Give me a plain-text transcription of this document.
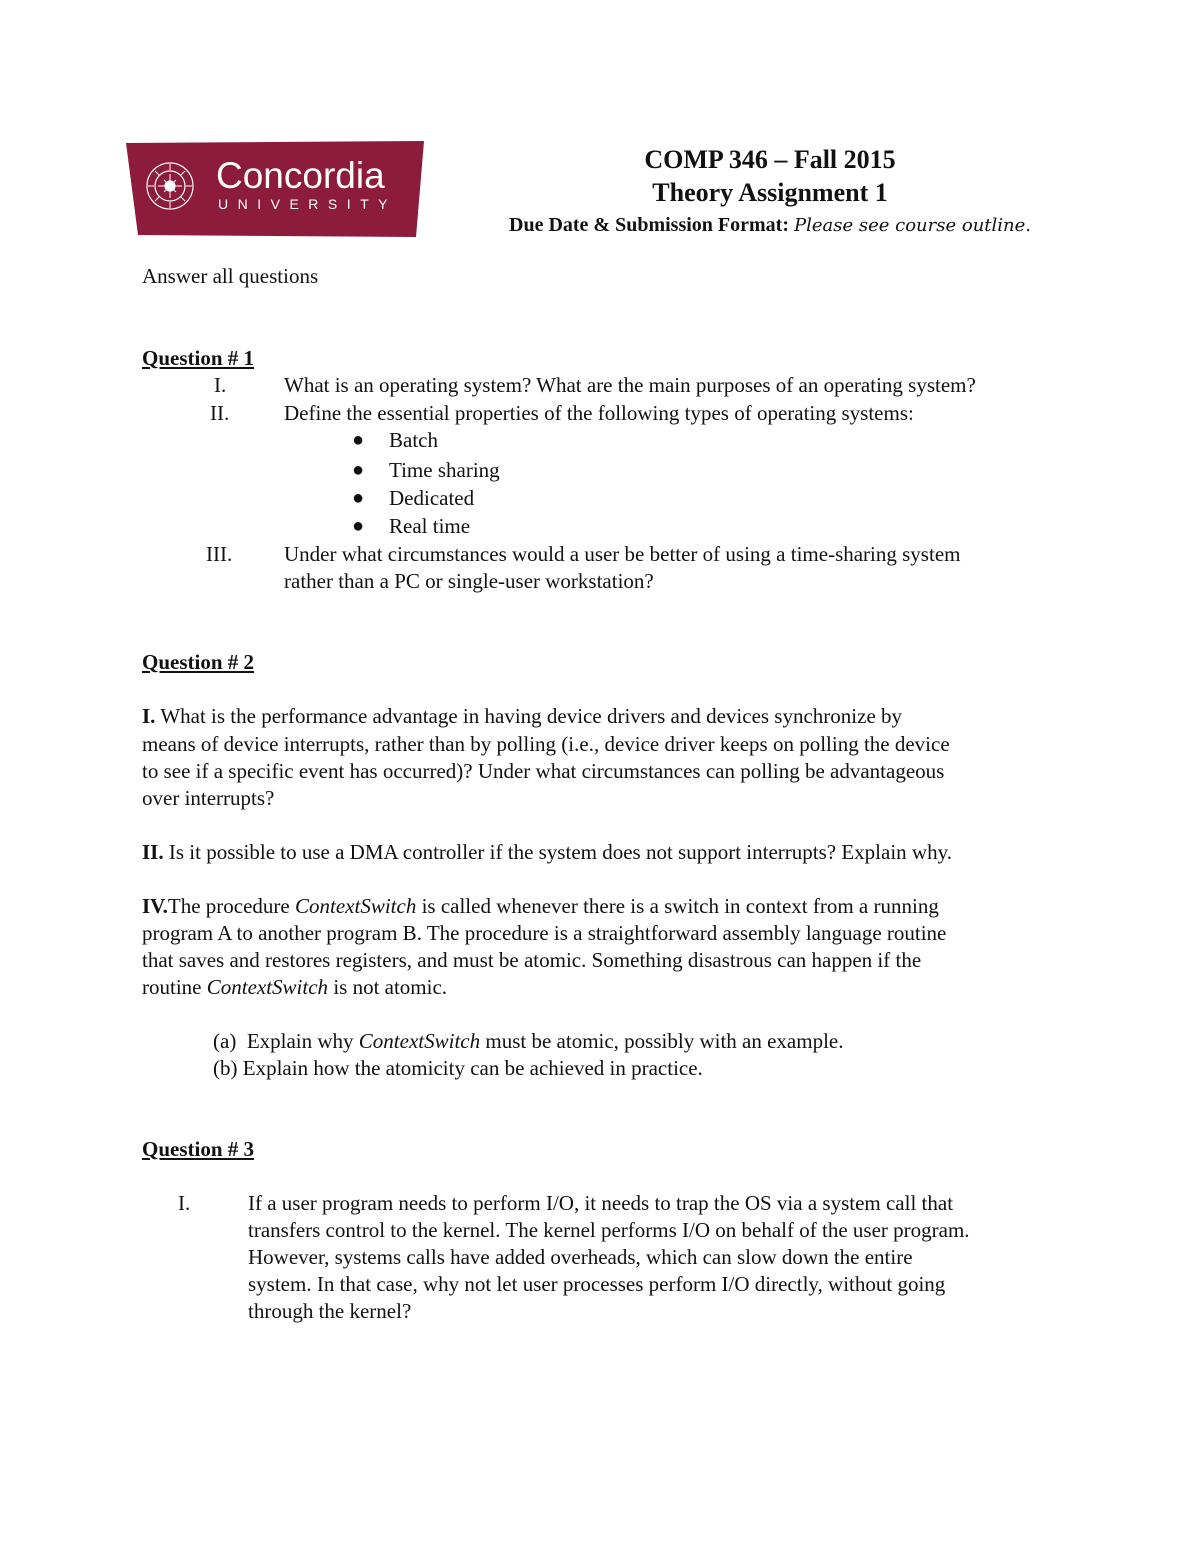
Concordia
UNIVERSITY
COMP 346 – Fall 2015
Theory Assignment 1
Due Date & Submission Format: Please see course outline.
Answer all questions
Question # 1
I.	What is an operating system? What are the main purposes of an operating system?
II.	Define the essential properties of the following types of operating systems:
● Batch
● Time sharing
● Dedicated
● Real time
III. Under what circumstances would a user be better of using a time-sharing system
rather than a PC or single-user workstation?
Question # 2
I. What is the performance advantage in having device drivers and devices synchronize by
means of device interrupts, rather than by polling (i.e., device driver keeps on polling the device
to see if a specific event has occurred)? Under what circumstances can polling be advantageous
over interrupts?
II. Is it possible to use a DMA controller if the system does not support interrupts? Explain why.
IV.The procedure ContextSwitch is called whenever there is a switch in context from a running
program A to another program B. The procedure is a straightforward assembly language routine
that saves and restores registers, and must be atomic. Something disastrous can happen if the
routine ContextSwitch is not atomic.
(a)  Explain why ContextSwitch must be atomic, possibly with an example.
(b) Explain how the atomicity can be achieved in practice.
Question # 3
I.	If a user program needs to perform I/O, it needs to trap the OS via a system call that
transfers control to the kernel. The kernel performs I/O on behalf of the user program.
However, systems calls have added overheads, which can slow down the entire
system. In that case, why not let user processes perform I/O directly, without going
through the kernel?
